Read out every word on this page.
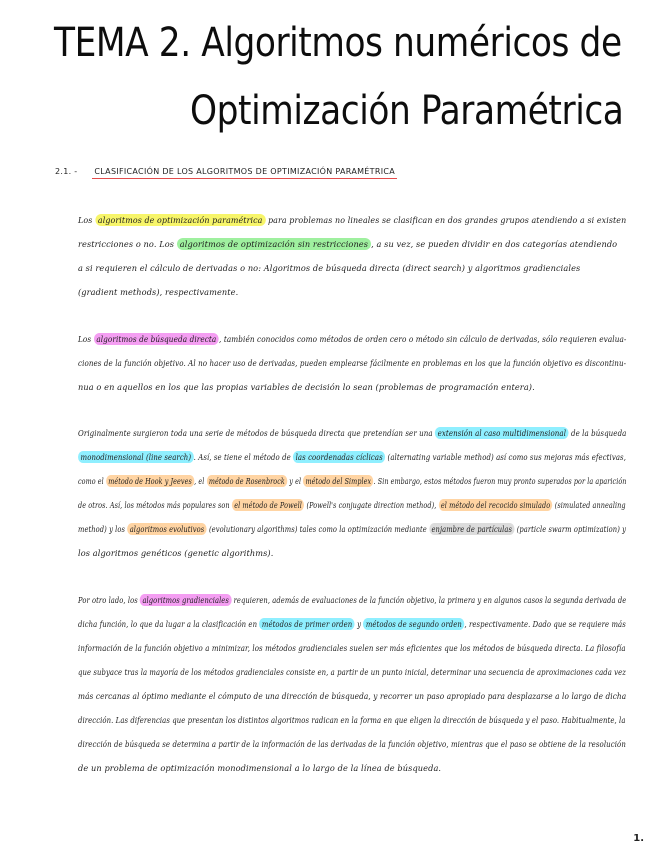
TEMA 2. Algoritmos numéricos de
Optimización Paramétrica
2.1. - CLASIFICACIÓN DE LOS ALGORITMOS DE OPTIMIZACIÓN PARAMÉTRICA
Los algoritmos de optimización paramétrica para problemas no lineales se clasifican en dos grandes grupos atendiendo a si existen
restricciones o no. Los algoritmos de optimización sin restricciones , a su vez, se pueden dividir en dos categorías atendiendo
a si requieren el cálculo de derivadas o no: Algoritmos de búsqueda directa (direct search) y algoritmos gradienciales
(gradient methods), respectivamente.
Los algoritmos de búsqueda directa , también conocidos como métodos de orden cero o método sin cálculo de derivadas, sólo requieren evalua-
ciones de la función objetivo. Al no hacer uso de derivadas, pueden emplearse fácilmente en problemas en los que la función objetivo es discontinu-
nua o en aquellos en los que las propias variables de decisión lo sean (problemas de programación entera).
Originalmente surgieron toda una serie de métodos de búsqueda directa que pretendían ser una extensión al caso multidimensional de la búsqueda
monodimensional (line search) . Así, se tiene el método de las coordenadas cíclicas (alternating variable method) así como sus mejoras más efectivas,
como el método de Hook y Jeeves , el método de Rosenbrock y el método del Simplex . Sin embargo, estos métodos fueron muy pronto superados por la aparición
de otros. Así, los métodos más populares son el método de Powell (Powell's conjugate direction method), el método del recocido simulado (simulated annealing
method) y los algoritmos evolutivos (evolutionary algorithms) tales como la optimización mediante enjambre de partículas (particle swarm optimization) y
los algoritmos genéticos (genetic algorithms).
Por otro lado, los algoritmos gradienciales requieren, además de evaluaciones de la función objetivo, la primera y en algunos casos la segunda derivada de
dicha función, lo que da lugar a la clasificación en métodos de primer orden y métodos de segundo orden , respectivamente. Dado que se requiere más
información de la función objetivo a minimizar, los métodos gradienciales suelen ser más eficientes que los métodos de búsqueda directa. La filosofía
que subyace tras la mayoría de los métodos gradienciales consiste en, a partir de un punto inicial, determinar una secuencia de aproximaciones cada vez
más cercanas al óptimo mediante el cómputo de una dirección de búsqueda, y recorrer un paso apropiado para desplazarse a lo largo de dicha
dirección. Las diferencias que presentan los distintos algoritmos radican en la forma en que eligen la dirección de búsqueda y el paso. Habitualmente, la
dirección de búsqueda se determina a partir de la información de las derivadas de la función objetivo, mientras que el paso se obtiene de la resolución
de un problema de optimización monodimensional a lo largo de la línea de búsqueda.
1.
